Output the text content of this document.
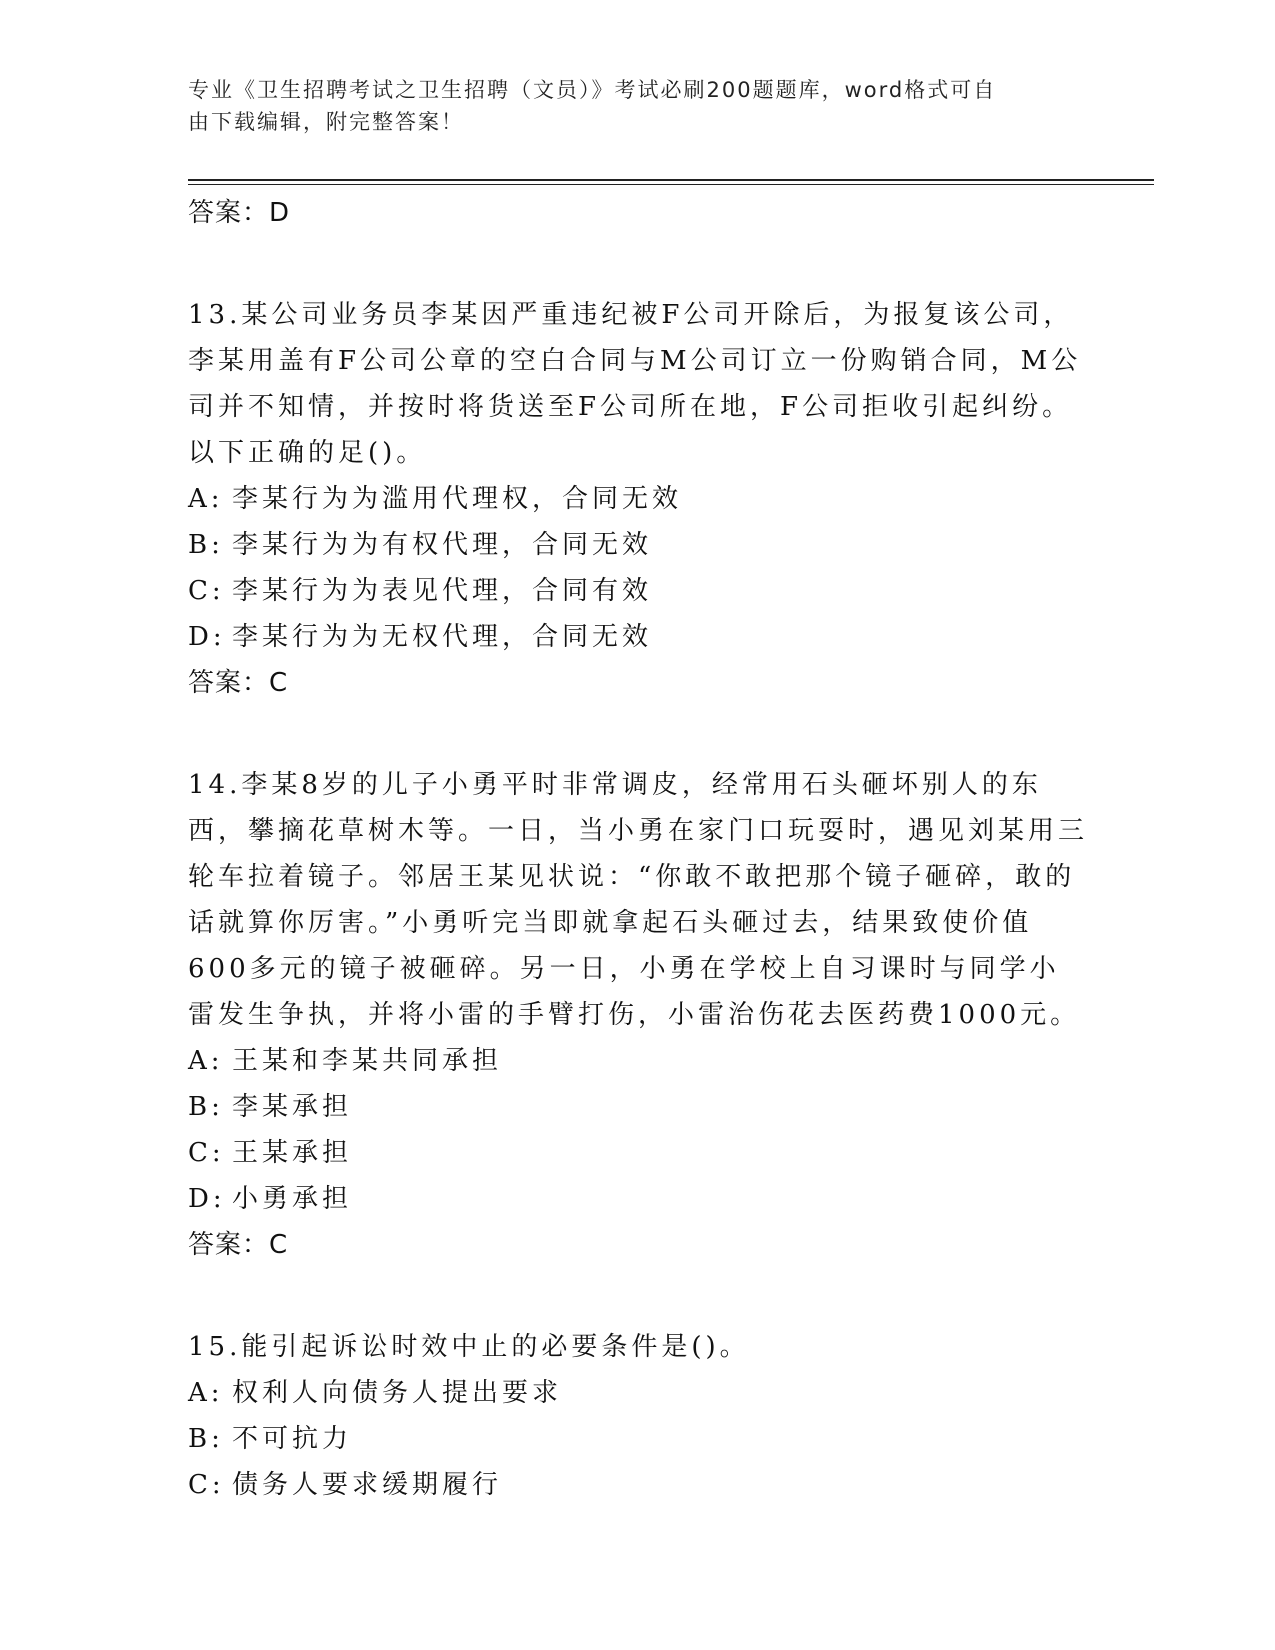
专业《卫生招聘考试之卫生招聘（文员）》考试必刷200题题库，word格式可自
由下载编辑，附完整答案！
答案：D

13.某公司业务员李某因严重违纪被F公司开除后，为报复该公司，李某用盖有F公司公章的空白合同与M公司订立一份购销合同，M公司并不知情，并按时将货送至F公司所在地，F公司拒收引起纠纷。以下正确的足()。

A: 李某行为为滥用代理权，合同无效
B: 李某行为为有权代理，合同无效
C: 李某行为为表见代理，合同有效
D: 李某行为为无权代理，合同无效
答案：C

14.李某8岁的儿子小勇平时非常调皮，经常用石头砸坏别人的东西，攀摘花草树木等。一日，当小勇在家门口玩耍时，遇见刘某用三轮车拉着镜子。邻居王某见状说：“你敢不敢把那个镜子砸碎，敢的话就算你厉害。”小勇听完当即就拿起石头砸过去，结果致使价值600多元的镜子被砸碎。另一日，小勇在学校上自习课时与同学小雷发生争执，并将小雷的手臂打伤，小雷治伤花去医药费1000元。

A: 王某和李某共同承担
B: 李某承担
C: 王某承担
D: 小勇承担
答案：C

15.能引起诉讼时效中止的必要条件是()。

A: 权利人向债务人提出要求
B: 不可抗力
C: 债务人要求缓期履行
